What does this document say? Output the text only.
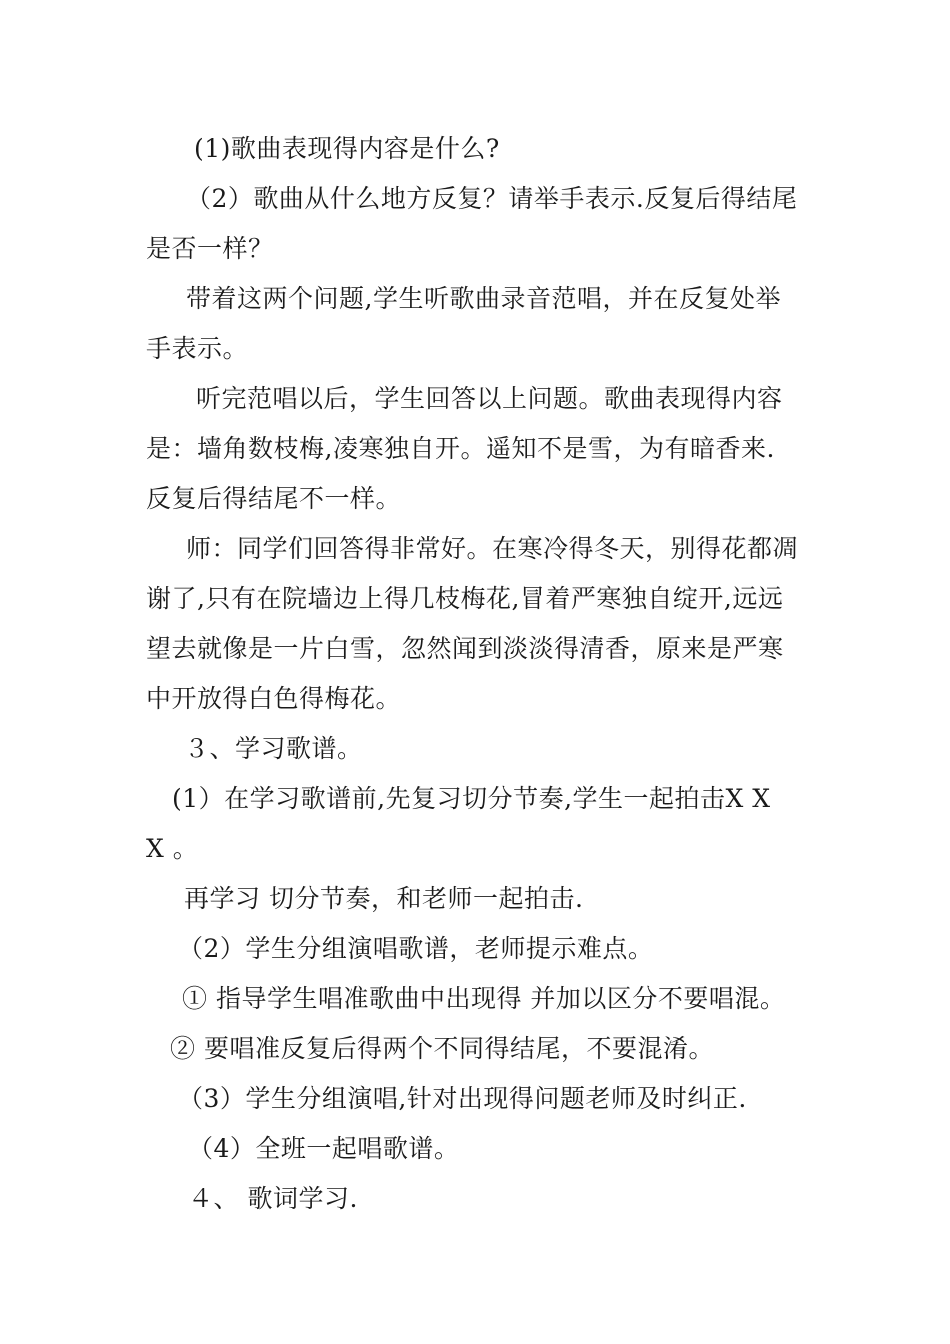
(1)歌曲表现得内容是什么?
（2）歌曲从什么地方反复？请举手表示.反复后得结尾
是否一样？
带着这两个问题,学生听歌曲录音范唱，并在反复处举
手表示。
听完范唱以后，学生回答以上问题。歌曲表现得内容
是：墙角数枝梅,凌寒独自开。遥知不是雪，为有暗香来.
反复后得结尾不一样。
师：同学们回答得非常好。在寒冷得冬天，别得花都凋
谢了,只有在院墙边上得几枝梅花,冒着严寒独自绽开,远远
望去就像是一片白雪，忽然闻到淡淡得清香，原来是严寒
中开放得白色得梅花。
３、学习歌谱。
(1）在学习歌谱前,先复习切分节奏,学生一起拍击X X
X 。
再学习 切分节奏，和老师一起拍击.
（2）学生分组演唱歌谱，老师提示难点。
① 指导学生唱准歌曲中出现得 并加以区分不要唱混。
② 要唱准反复后得两个不同得结尾，不要混淆。
（3）学生分组演唱,针对出现得问题老师及时纠正.
（4）全班一起唱歌谱。
４、 歌词学习.
